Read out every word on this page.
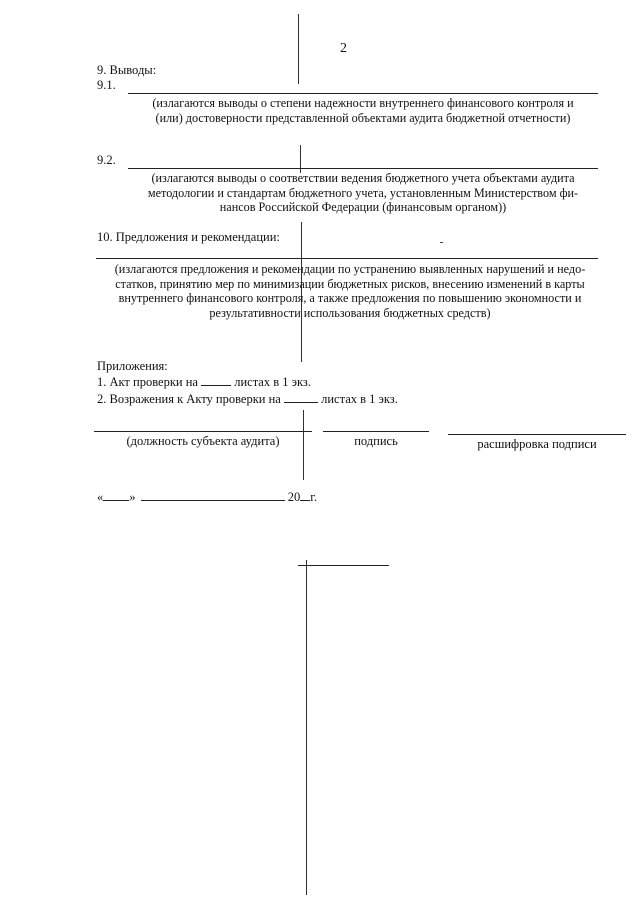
2
9. Выводы:
9.1.
(излагаются выводы о степени надежности внутреннего финансового контроля и
(или) достоверности представленной объектами аудита бюджетной отчетности)
9.2.
(излагаются выводы о соответствии ведения бюджетного учета объектами аудита
методологии и стандартам бюджетного учета, установленным Министерством фи-
нансов Российской Федерации (финансовым органом))
10. Предложения и рекомендации:
(излагаются предложения и рекомендации по устранению выявленных нарушений и недо-
статков, принятию мер по минимизации бюджетных рисков, внесению изменений в карты
внутреннего финансового контроля, а также предложения по повышению экономности и
результативности использования бюджетных средств)
Приложения:
1. Акт проверки на	листах в 1 экз.
2. Возражения к Акту проверки на	листах в 1 экз.
(должность субъекта аудита)	подпись	расшифровка подписи
« »	20 г.
